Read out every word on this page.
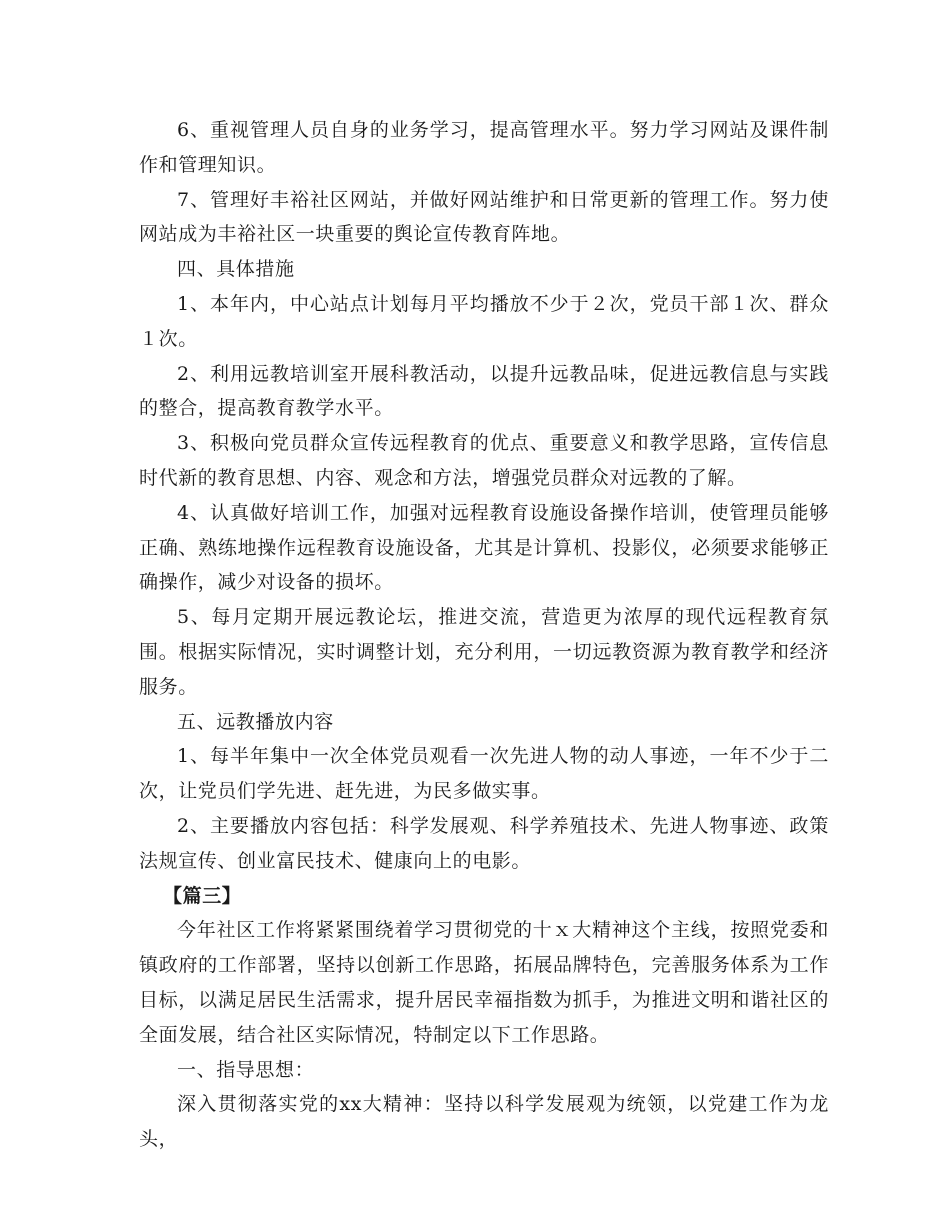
6、重视管理人员自身的业务学习，提高管理水平。努力学习网站及课件制作和管理知识。

7、管理好丰裕社区网站，并做好网站维护和日常更新的管理工作。努力使网站成为丰裕社区一块重要的舆论宣传教育阵地。

四、具体措施

1、本年内，中心站点计划每月平均播放不少于２次，党员干部１次、群众１次。

2、利用远教培训室开展科教活动，以提升远教品味，促进远教信息与实践的整合，提高教育教学水平。

3、积极向党员群众宣传远程教育的优点、重要意义和教学思路，宣传信息时代新的教育思想、内容、观念和方法，增强党员群众对远教的了解。

4、认真做好培训工作，加强对远程教育设施设备操作培训，使管理员能够正确、熟练地操作远程教育设施设备，尤其是计算机、投影仪，必须要求能够正确操作，减少对设备的损坏。

5、每月定期开展远教论坛，推进交流，营造更为浓厚的现代远程教育氛围。根据实际情况，实时调整计划，充分利用，一切远教资源为教育教学和经济服务。

五、远教播放内容

1、每半年集中一次全体党员观看一次先进人物的动人事迹，一年不少于二次，让党员们学先进、赶先进，为民多做实事。

2、主要播放内容包括：科学发展观、科学养殖技术、先进人物事迹、政策法规宣传、创业富民技术、健康向上的电影。

【篇三】

今年社区工作将紧紧围绕着学习贯彻党的十ｘ大精神这个主线，按照党委和镇政府的工作部署，坚持以创新工作思路，拓展品牌特色，完善服务体系为工作目标，以满足居民生活需求，提升居民幸福指数为抓手，为推进文明和谐社区的全面发展，结合社区实际情况，特制定以下工作思路。

一、指导思想：

深入贯彻落实党的xx大精神：坚持以科学发展观为统领，以党建工作为龙头，
